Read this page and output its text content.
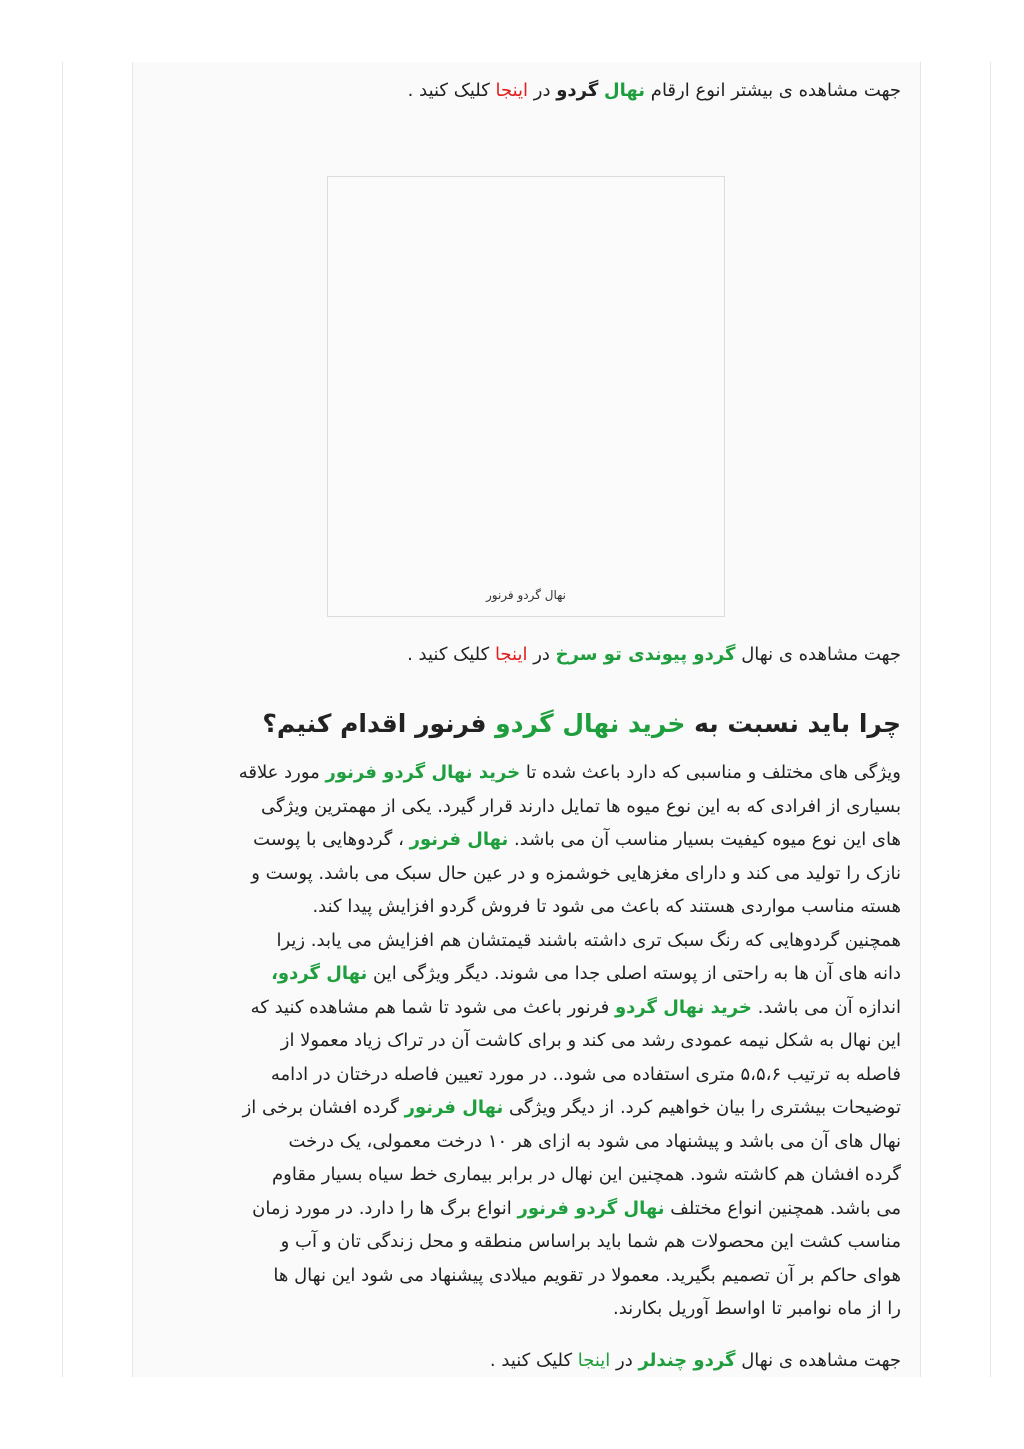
جهت مشاهده ی بیشتر انوع ارقام نهال گردو در اینجا کلیک کنید .
نهال گردو فرنور
جهت مشاهده ی نهال گردو پیوندی تو سرخ در اینجا کلیک کنید .
چرا باید نسبت به خرید نهال گردو فرنور اقدام کنیم؟
ویژگی های مختلف و مناسبی که دارد باعث شده تا خرید نهال گردو فرنور مورد علاقه
بسیاری از افرادی که به این نوع میوه ها تمایل دارند قرار گیرد. یکی از مهمترین ویژگی
های این نوع میوه کیفیت بسیار مناسب آن می باشد. نهال فرنور ، گردوهایی با پوست
نازک را تولید می کند و دارای مغزهایی خوشمزه و در عین حال سبک می باشد. پوست و
هسته مناسب مواردی هستند که باعث می شود تا فروش گردو افزایش پیدا کند.
همچنین گردوهایی که رنگ سبک تری داشته باشند قیمتشان هم افزایش می یابد. زیرا
دانه های آن ها به راحتی از پوسته اصلی جدا می شوند. دیگر ویژگی این نهال گردو،
اندازه آن می باشد. خرید نهال گردو فرنور باعث می شود تا شما هم مشاهده کنید که
این نهال به شکل نیمه عمودی رشد می کند و برای کاشت آن در تراک زیاد معمولا از
فاصله به ترتیب ۵،۵،۶ متری استفاده می شود.. در مورد تعیین فاصله درختان در ادامه
توضیحات بیشتری را بیان خواهیم کرد. از دیگر ویژگی نهال فرنور گرده افشان برخی از
نهال های آن می باشد و پیشنهاد می شود به ازای هر ۱۰ درخت معمولی، یک درخت
گرده افشان هم کاشته شود. همچنین این نهال در برابر بیماری خط سیاه بسیار مقاوم
می باشد. همچنین انواع مختلف نهال گردو فرنور انواع برگ ها را دارد. در مورد زمان
مناسب کشت این محصولات هم شما باید براساس منطقه و محل زندگی تان و آب و
هوای حاکم بر آن تصمیم بگیرید. معمولا در تقویم میلادی پیشنهاد می شود این نهال ها
را از ماه نوامبر تا اواسط آوریل بکارند.
جهت مشاهده ی نهال گردو چندلر در اینجا کلیک کنید .
